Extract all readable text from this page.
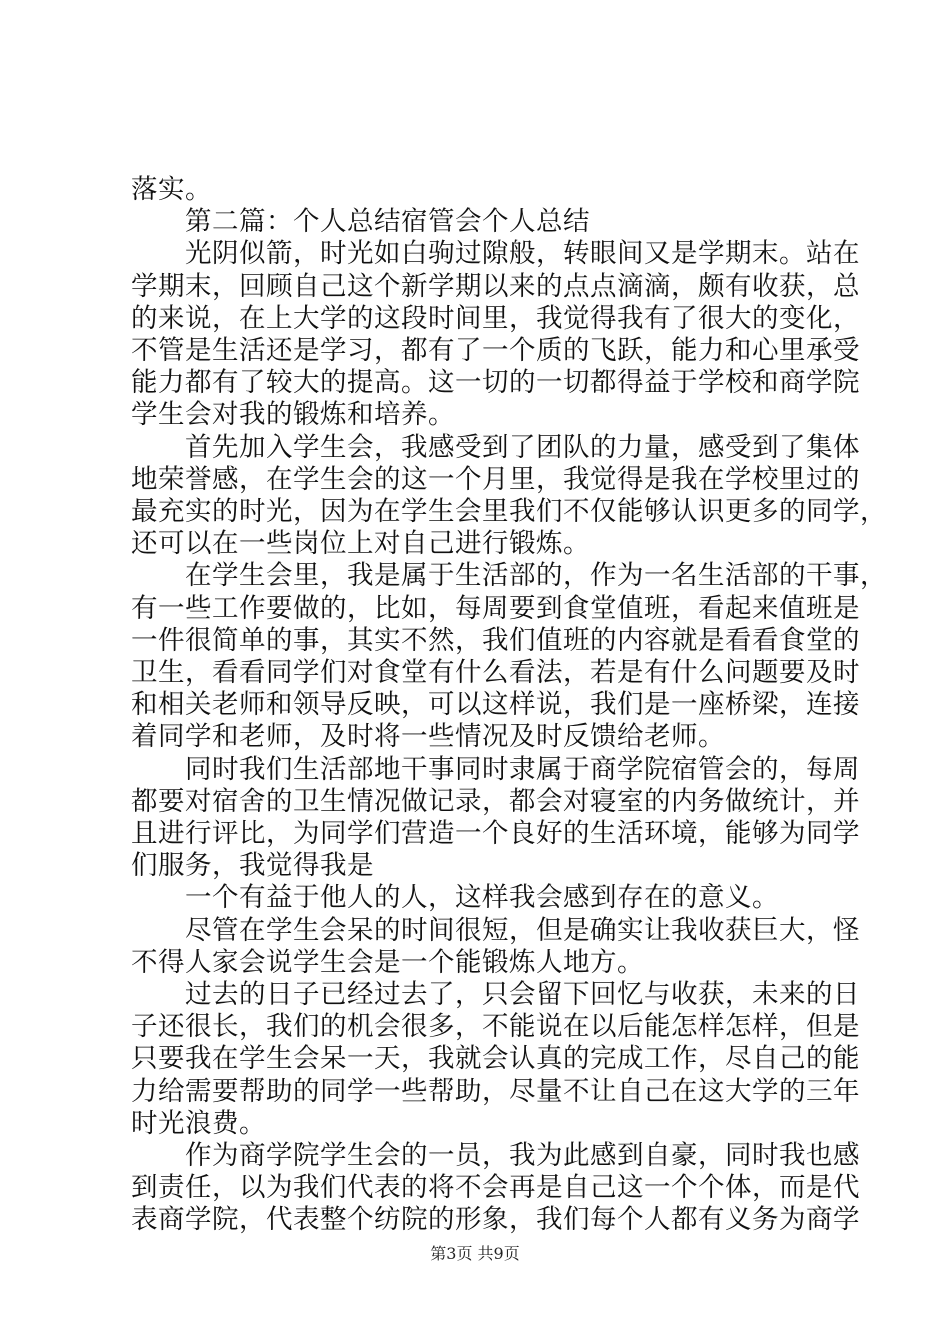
落实。
　　第二篇：个人总结宿管会个人总结
　　光阴似箭，时光如白驹过隙般，转眼间又是学期末。站在
学期末，回顾自己这个新学期以来的点点滴滴，颇有收获，总
的来说，在上大学的这段时间里，我觉得我有了很大的变化，
不管是生活还是学习，都有了一个质的飞跃，能力和心里承受
能力都有了较大的提高。这一切的一切都得益于学校和商学院
学生会对我的锻炼和培养。
　　首先加入学生会，我感受到了团队的力量，感受到了集体
地荣誉感，在学生会的这一个月里，我觉得是我在学校里过的
最充实的时光，因为在学生会里我们不仅能够认识更多的同学，
还可以在一些岗位上对自己进行锻炼。
　　在学生会里，我是属于生活部的，作为一名生活部的干事，
有一些工作要做的，比如，每周要到食堂值班，看起来值班是
一件很简单的事，其实不然，我们值班的内容就是看看食堂的
卫生，看看同学们对食堂有什么看法，若是有什么问题要及时
和相关老师和领导反映，可以这样说，我们是一座桥梁，连接
着同学和老师，及时将一些情况及时反馈给老师。
　　同时我们生活部地干事同时隶属于商学院宿管会的，每周
都要对宿舍的卫生情况做记录，都会对寝室的内务做统计，并
且进行评比，为同学们营造一个良好的生活环境，能够为同学
们服务，我觉得我是
　　一个有益于他人的人，这样我会感到存在的意义。
　　尽管在学生会呆的时间很短，但是确实让我收获巨大，怪
不得人家会说学生会是一个能锻炼人地方。
　　过去的日子已经过去了，只会留下回忆与收获，未来的日
子还很长，我们的机会很多，不能说在以后能怎样怎样，但是
只要我在学生会呆一天，我就会认真的完成工作，尽自己的能
力给需要帮助的同学一些帮助，尽量不让自己在这大学的三年
时光浪费。
　　作为商学院学生会的一员，我为此感到自豪，同时我也感
到责任，以为我们代表的将不会再是自己这一个个体，而是代
表商学院，代表整个纺院的形象，我们每个人都有义务为商学
第3页 共9页
